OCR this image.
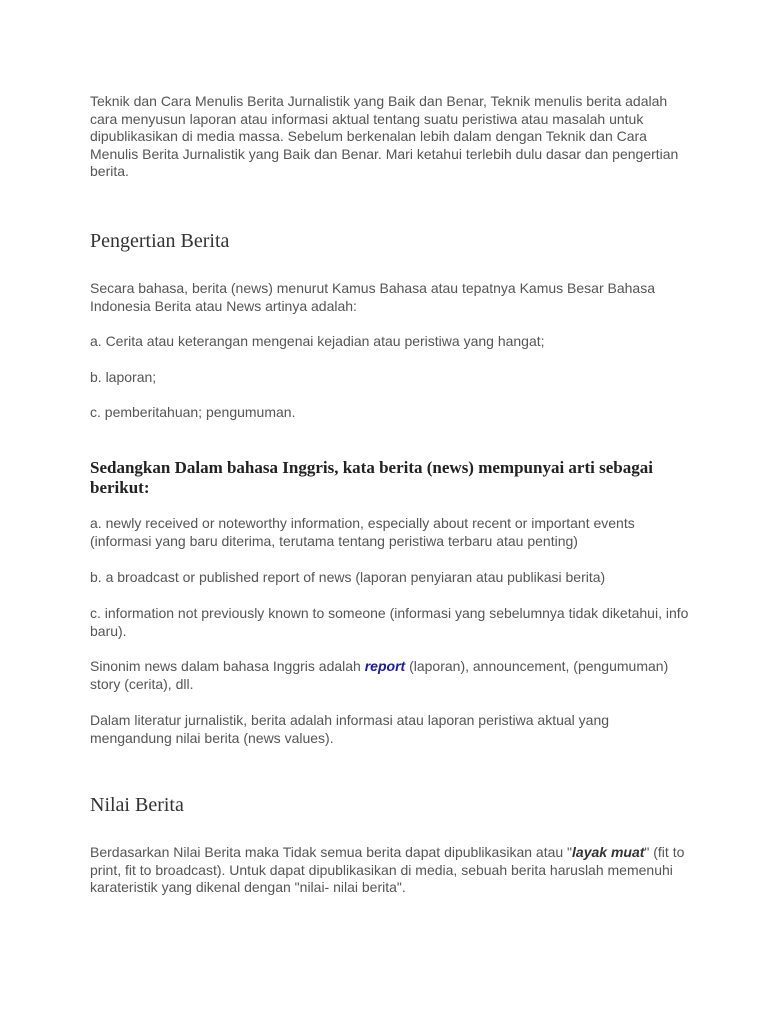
Teknik dan Cara Menulis Berita Jurnalistik yang Baik dan Benar, Teknik menulis berita adalah cara menyusun laporan atau informasi aktual tentang suatu peristiwa atau masalah untuk dipublikasikan di media massa. Sebelum berkenalan lebih dalam dengan Teknik dan Cara Menulis Berita Jurnalistik yang Baik dan Benar. Mari ketahui terlebih dulu dasar dan pengertian berita.

Pengertian Berita

Secara bahasa, berita (news) menurut Kamus Bahasa atau tepatnya Kamus Besar Bahasa Indonesia Berita atau News artinya adalah:

a. Cerita atau keterangan mengenai kejadian atau peristiwa yang hangat;

b. laporan;

c. pemberitahuan; pengumuman.

Sedangkan Dalam bahasa Inggris, kata berita (news) mempunyai arti sebagai berikut:

a. newly received or noteworthy information, especially about recent or important events (informasi yang baru diterima, terutama tentang peristiwa terbaru atau penting)

b. a broadcast or published report of news (laporan penyiaran atau publikasi berita)

c. information not previously known to someone (informasi yang sebelumnya tidak diketahui, info baru).

Sinonim news dalam bahasa Inggris adalah report (laporan), announcement, (pengumuman) story (cerita), dll.

Dalam literatur jurnalistik, berita adalah informasi atau laporan peristiwa aktual yang mengandung nilai berita (news values).

Nilai Berita

Berdasarkan Nilai Berita maka Tidak semua berita dapat dipublikasikan atau "layak muat" (fit to print, fit to broadcast). Untuk dapat dipublikasikan di media, sebuah berita haruslah memenuhi karateristik yang dikenal dengan "nilai- nilai berita".
